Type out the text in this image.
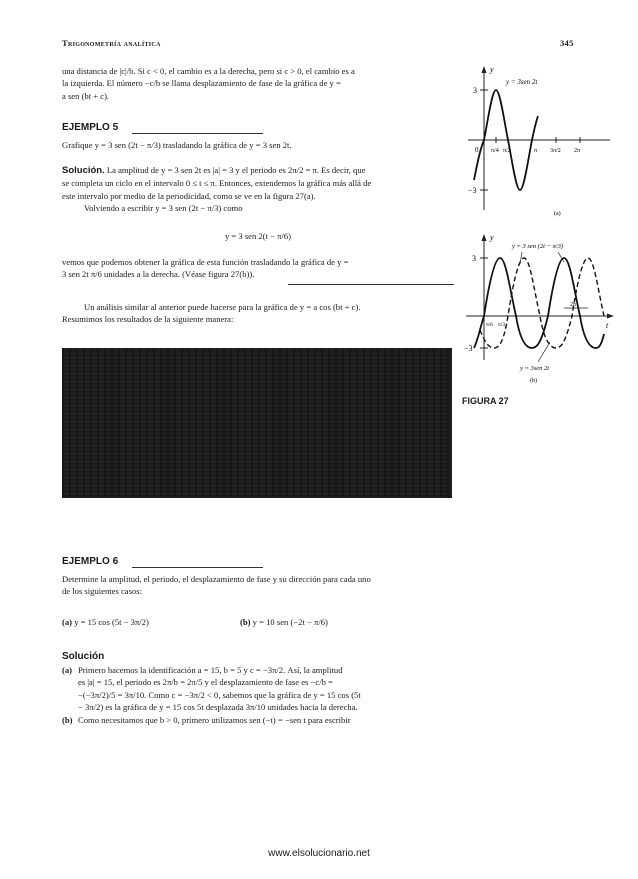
Trigonometría analítica	345
una distancia de |c|/b. Si c < 0, el cambio es a la derecha, pero si c > 0, el cambio es a
la izquierda. El número −c/b se llama desplazamiento de fase de la gráfica de y =
a sen (bt + c).
EJEMPLO 5
Grafique y = 3 sen (2t − π/3) trasladando la gráfica de y = 3 sen 2t.
Solución. La amplitud de y = 3 sen 2t es |a| = 3 y el periodo es 2π/2 = π. Es decir, que
se completa un ciclo en el intervalo 0 ≤ t ≤ π. Entonces, extendemos la gráfica más allá de
este intervalo por medio de la periodicidad, como se ve en la figura 27(a).
Volviendo a escribir y = 3 sen (2t − π/3) como
y = 3 sen 2(t − π/6)
vemos que podemos obtener la gráfica de esta función trasladando la gráfica de y =
3 sen 2t π/6 unidades a la derecha. (Véase figura 27(b)).
Un análisis similar al anterior puede hacerse para la gráfica de y = a cos (bt + c).
Resumimos los resultados de la siguiente manera:
EJEMPLO 6
Determine la amplitud, el periodo, el desplazamiento de fase y su dirección para cada uno
de los siguientes casos:
(a) y = 15 cos (5t − 3π/2)	(b) y = 10 sen (−2t − π/6)
Solución
(a) Primero hacemos la identificación a = 15, b = 5 y c = −3π/2. Así, la amplitud
es |a| = 15, el periodo es 2π/b = 2π/5 y el desplazamiento de fase es −c/b =
−(−3π/2)/5 = 3π/10. Como c = −3π/2 < 0, sabemos que la gráfica de y = 15 cos (5t
− 3π/2) es la gráfica de y = 15 cos 5t desplazada 3π/10 unidades hacia la derecha.
(b) Como necesitamos que b > 0, primero utilizamos sen (−t) = −sen t para escribir
y
y = 3sen 2t
3
−3
0 π/4 π/2	π 3π/2 2π
(a)
y
t
y = 3 sen (2t − π/3)
3
−3
π/6 π/3
2π
y = 3sen 2t
(b)
FIGURA 27
www.elsolucionario.net
